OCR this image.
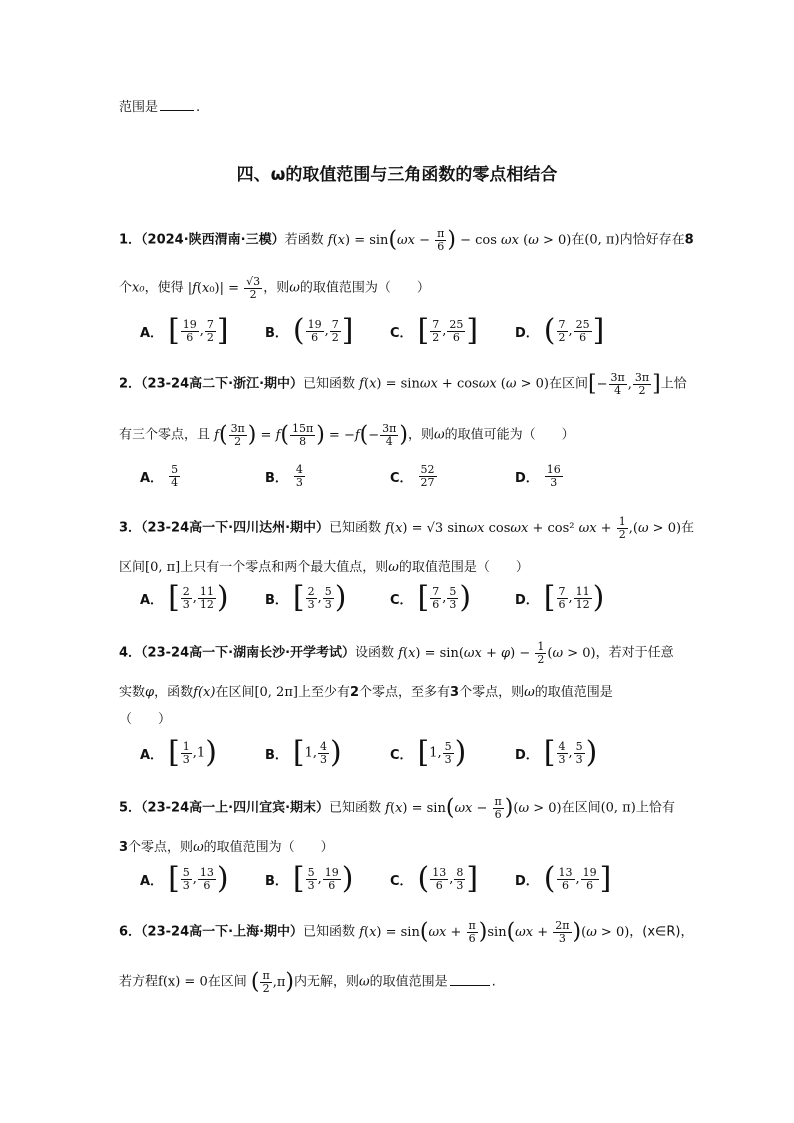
范围是	.
四、ω的取值范围与三角函数的零点相结合
1．（2024·陕西渭南·三模）若函数 $f(x) = \sin(\omega x - \frac{\pi}{6}$ ) − cos ωx (ω > 0)在(0, π)内恰好存在8
个x₀，使得 $|f(x_0)| = \frac{√3}{2}$ ，则ω的取值范围为（　　）
A． [ $\frac{19}{6}$ , $\frac{7}{2}$ ]	B． ( $\frac{19}{6}$ , $\frac{7}{2}$ ]	C． [ $\frac{7}{2}$ , $\frac{25}{6}$ ]	D． ( $\frac{7}{2}$ , $\frac{25}{6}$ ]
2．（23-24高二下·浙江·期中）已知函数 f(x) = sinωx + cosωx (ω > 0)在区间[− $\frac{3\pi}{4}$ , $\frac{3\pi}{2}$ ]上恰
有三个零点，且 $f( \frac{3\pi}{2}$ ) = $f( \frac{15\pi}{8}$ ) = $-f(- \frac{3\pi}{4}$ )，则ω的取值可能为（　　）
A． $\frac{5}{4}$	B． $\frac{4}{3}$	C． $\frac{52}{27}$	D． $\frac{16}{3}$
3．（23-24高一下·四川达州·期中）已知函数 f(x) = √3 sinωx cosωx + cos² $\omega x + \frac{1}{2} ,(\omega > 0)$在
区间[0, π]上只有一个零点和两个最大值点，则ω的取值范围是（　　）
A． [ $\frac{2}{3}$ , $\frac{11}{12}$ )	B． [ $\frac{2}{3}$ , $\frac{5}{3}$ )	C． [ $\frac{7}{6}$ , $\frac{5}{3}$ )	D． [ $\frac{7}{6}$ , $\frac{11}{12}$ )
4．（23-24高一下·湖南长沙·开学考试）设函数 $f(x) = \sin(\omega x + \varphi) - \frac{1}{2} (\omega > 0)$，若对于任意
实数φ，函数f(x)在区间[0, 2π]上至少有2个零点，至多有3个零点，则ω的取值范围是
（　　）
A． [ $\frac{1}{3} ,1$)	B． [1, $\frac{4}{3}$ )	C． [1, $\frac{5}{3}$ )	D． [ $\frac{4}{3}$ , $\frac{5}{3}$ )
5．（23-24高一上·四川宜宾·期末）已知函数 $f(x) = \sin(\omega x - \frac{\pi}{6} )(\omega > 0)$在区间(0, π)上恰有
3个零点，则ω的取值范围为（　　）
A． [ $\frac{5}{3}$ , $\frac{13}{6}$ )	B． [ $\frac{5}{3}$ , $\frac{19}{6}$ )	C． ( $\frac{13}{6}$ , $\frac{8}{3}$ ]	D． ( $\frac{13}{6}$ , $\frac{19}{6}$ ]
6．（23-24高一下·上海·期中）已知函数 $f(x) = \sin(\omega x + \frac{\pi}{6} )\sin(\omega x + \frac{2\pi}{3} )(\omega > 0)$，(x∈R)，
若方程f(x) = 0在区间 ( $\frac{\pi}{2} ,\pi$)内无解，则ω的取值范围是	.
